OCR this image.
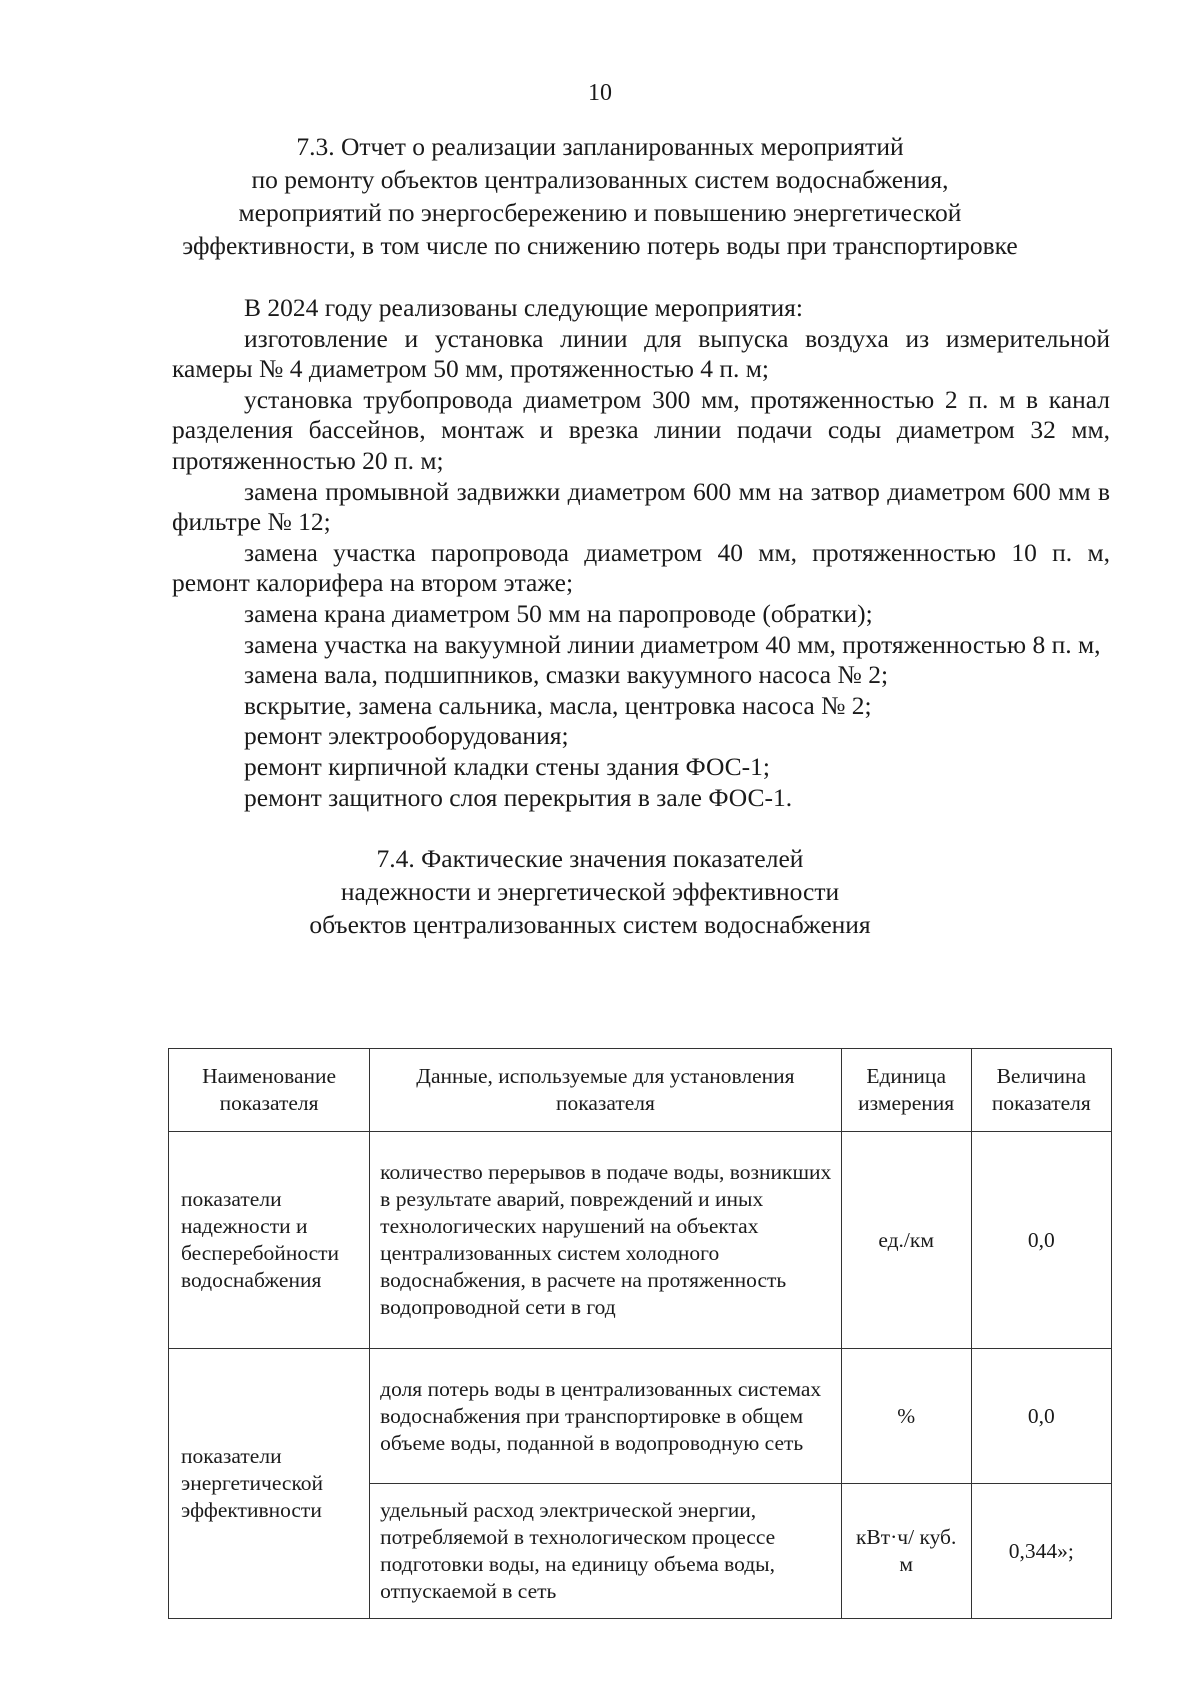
10
7.3. Отчет о реализации запланированных мероприятий
по ремонту объектов централизованных систем водоснабжения,
мероприятий по энергосбережению и повышению энергетической
эффективности, в том числе по снижению потерь воды при транспортировке

В 2024 году реализованы следующие мероприятия:

изготовление и установка линии для выпуска воздуха из измерительной камеры № 4 диаметром 50 мм, протяженностью 4 п. м;

установка трубопровода диаметром 300 мм, протяженностью 2 п. м в канал разделения бассейнов, монтаж и врезка линии подачи соды диаметром 32 мм, протяженностью 20 п. м;

замена промывной задвижки диаметром 600 мм на затвор диаметром 600 мм в фильтре № 12;

замена участка паропровода диаметром 40 мм, протяженностью 10 п. м, ремонт калорифера на втором этаже;

замена крана диаметром 50 мм на паропроводе (обратки);

замена участка на вакуумной линии диаметром 40 мм, протяженностью 8 п. м,

замена вала, подшипников, смазки вакуумного насоса № 2;

вскрытие, замена сальника, масла, центровка насоса № 2;

ремонт электрооборудования;

ремонт кирпичной кладки стены здания ФОС-1;

ремонт защитного слоя перекрытия в зале ФОС-1.

7.4. Фактические значения показателей
надежности и энергетической эффективности
объектов централизованных систем водоснабжения
Наименование показателя	Данные, используемые для установления показателя	Единица измерения	Величина показателя
показатели надежности и бесперебойности водоснабжения	количество перерывов в подаче воды, возникших в результате аварий, повреждений и иных технологических нарушений на объектах централизованных систем холодного водоснабжения, в расчете на протяженность водопроводной сети в год	ед./км	0,0
показатели энергетической эффективности	доля потерь воды в централизованных системах водоснабжения при транспортировке в общем объеме воды, поданной в водопроводную сеть	%	0,0
	удельный расход электрической энергии, потребляемой в технологическом процессе подготовки воды, на единицу объема воды, отпускаемой в сеть	кВт·ч/ куб. м	0,344»;
